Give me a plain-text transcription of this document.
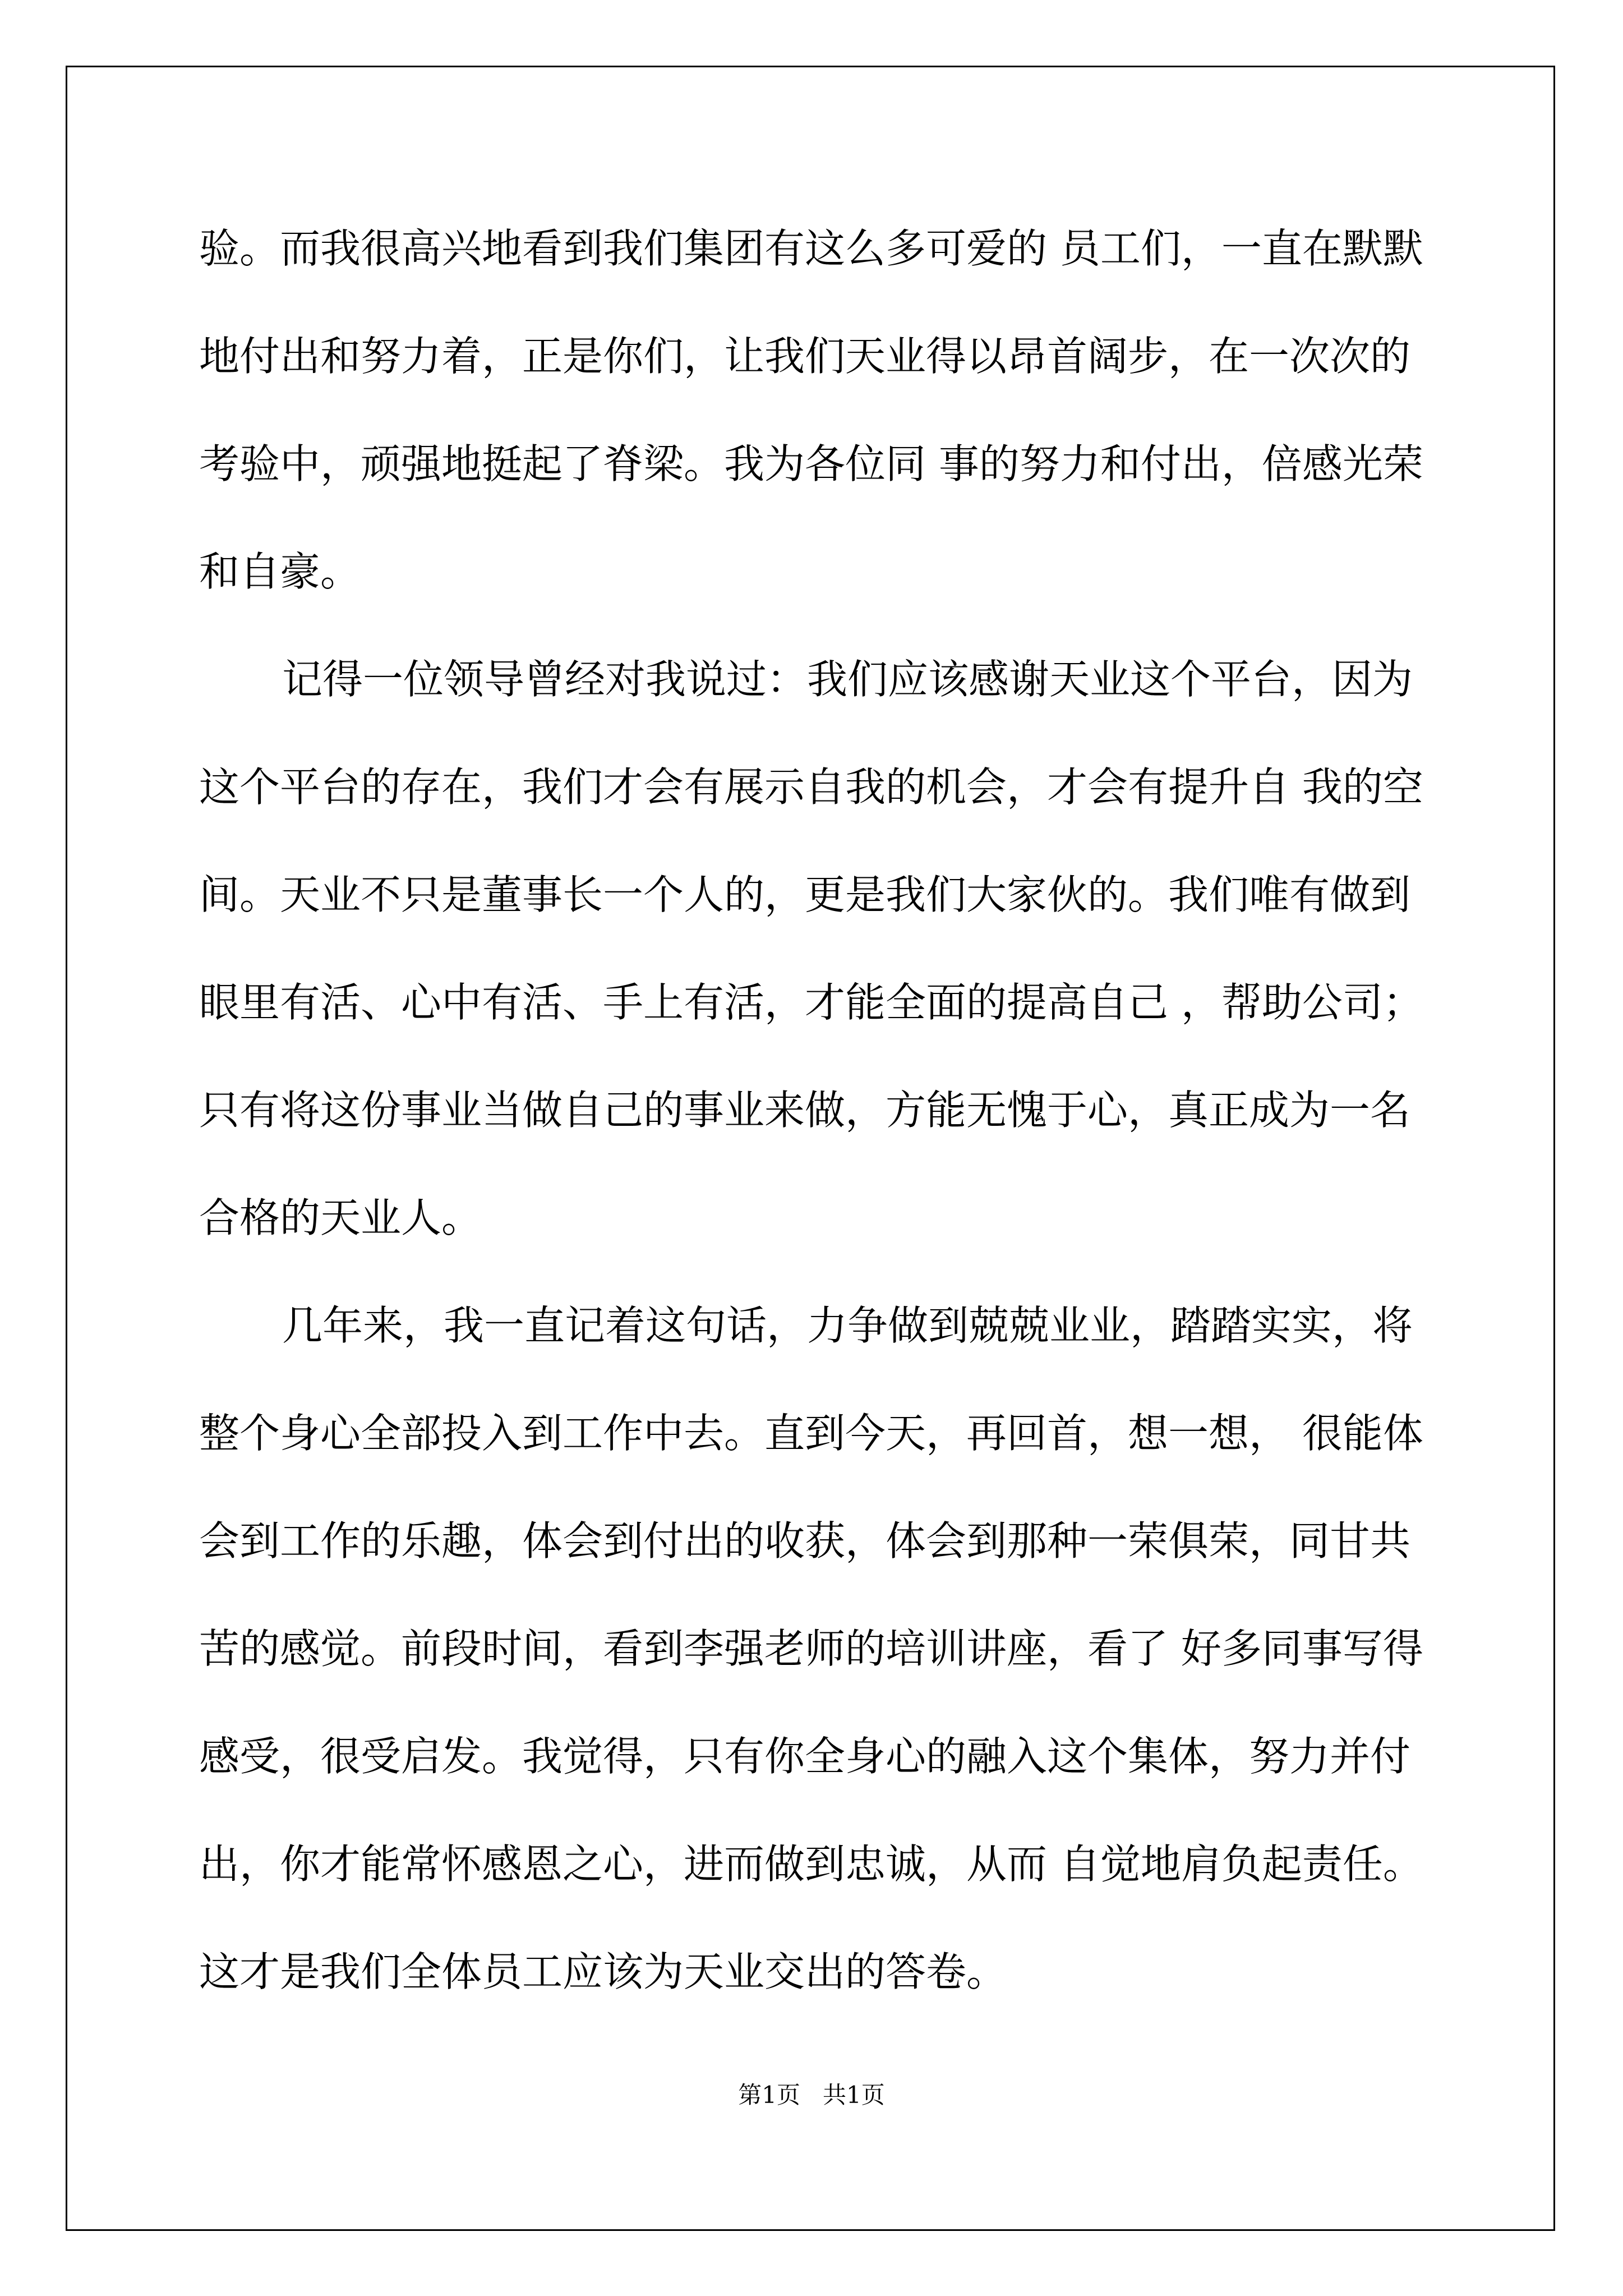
验。而我很高兴地看到我们集团有这么多可爱的 员工们，一直在默默
地付出和努力着，正是你们，让我们天业得以昂首阔步，在一次次的
考验中，顽强地挺起了脊梁。我为各位同 事的努力和付出，倍感光荣
和自豪。
记得一位领导曾经对我说过：我们应该感谢天业这个平台，因为
这个平台的存在，我们才会有展示自我的机会，才会有提升自 我的空
间。天业不只是董事长一个人的，更是我们大家伙的。我们唯有做到
眼里有活、心中有活、手上有活，才能全面的提高自己 ，帮助公司；
只有将这份事业当做自己的事业来做，方能无愧于心，真正成为一名
合格的天业人。
几年来，我一直记着这句话，力争做到兢兢业业，踏踏实实，将
整个身心全部投入到工作中去。直到今天，再回首，想一想， 很能体
会到工作的乐趣，体会到付出的收获，体会到那种一荣俱荣，同甘共
苦的感觉。前段时间，看到李强老师的培训讲座，看了 好多同事写得
感受，很受启发。我觉得，只有你全身心的融入这个集体，努力并付
出，你才能常怀感恩之心，进而做到忠诚，从而 自觉地肩负起责任。
这才是我们全体员工应该为天业交出的答卷。
第1页   共1页
